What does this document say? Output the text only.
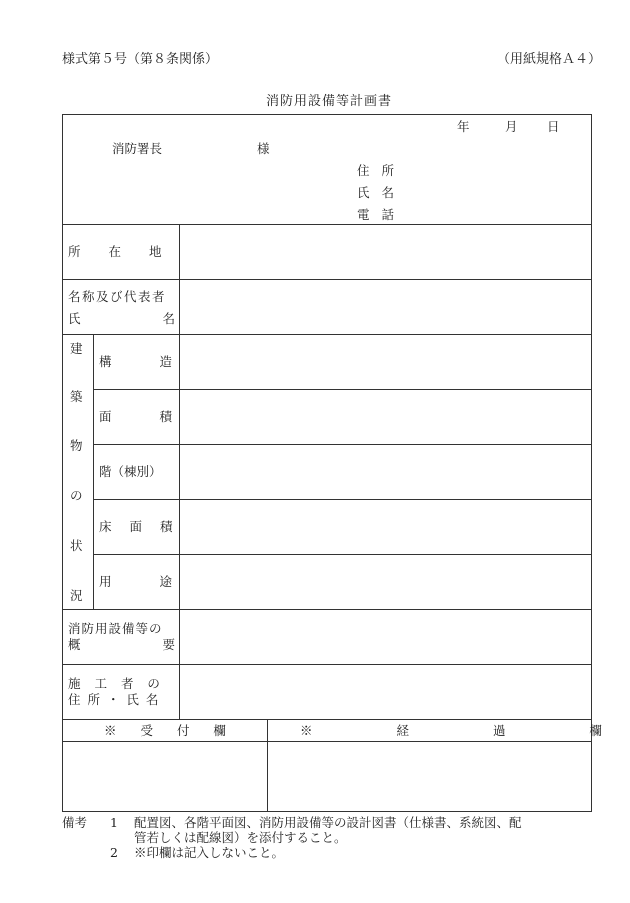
様式第５号（第８条関係）	（用紙規格Ａ４）
消防用設備等計画書
年	月 日
消防署長	様
住 所
氏 名
電 話
所 在 地
名称及び代表者
氏 名
建
築
物
の
状
況
構 造
面 積
階（棟別）
床 面 積
用 途
消防用設備等の
概 要
施 工 者 の
住 所 ・ 氏 名
※ 受 付 欄	※ 経 過 欄
備考 1 配置図、各階平面図、消防用設備等の設計図書（仕様書、系統図、配
管若しくは配線図）を添付すること。
2 ※印欄は記入しないこと。
